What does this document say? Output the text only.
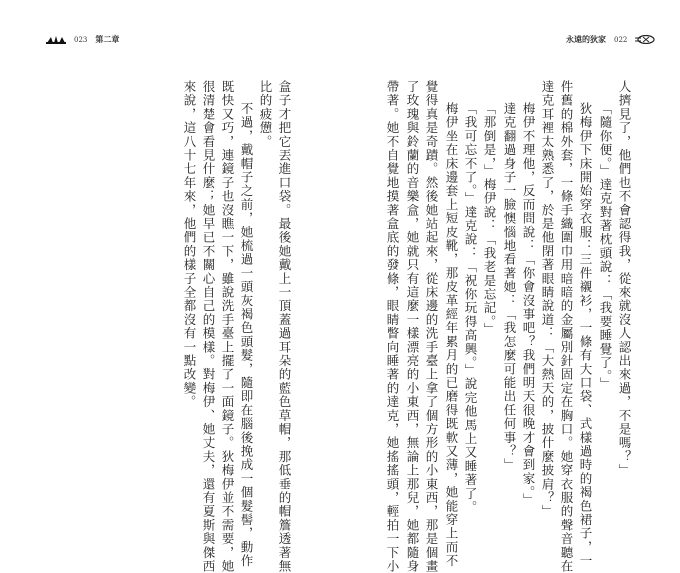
023 第二章	永遠的狄家 022
人擠見了，他們也不會認得我，從來就沒人認出來過，不是嗎？」
「隨你便。」達克對著枕頭說：「我要睡覺了。」
狄梅伊下床開始穿衣服：三件襯衫，一條有大口袋、式樣過時的褐色裙子，一
件舊的棉外套，一條手織圍巾用暗暗的金屬別針固定在胸口。她穿衣服的聲音聽在
達克耳裡太熟悉了，於是他閉著眼睛說道：「大熱天的，披什麼披肩？」
梅伊不理他，反而問說：「你會沒事吧？我們明天很晚才會到家。」
達克翻過身子一臉懊惱地看著她：「我怎麼可能出任何事？」
「那倒是，」梅伊說：「我老是忘記。」
「我可忘不了。」達克說：「祝你玩得高興。」說完他馬上又睡著了。
梅伊坐在床邊套上短皮靴，那皮革經年累月的已磨得既軟又薄，她能穿上而不
覺得真是奇蹟。然後她站起來，從床邊的洗手臺上拿了個方形的小東西，那是個畫
了玫瑰與鈴蘭的音樂盒，她就只有這麼一樣漂亮的小東西，無論上那兒，她都隨身
帶著。她不自覺地摸著盒底的發條，眼睛瞥向睡著的達克，她搖搖頭，輕拍一下小
盒子才把它丟進口袋。最後她戴上一頂蓋過耳朵的藍色草帽，那低垂的帽簷透著無
比的疲憊。
不過，戴帽子之前，她梳過一頭灰褐色頭髮，隨即在腦後挽成一個髮髻，動作
既快又巧，連鏡子也沒瞧一下，雖說洗手臺上擺了一面鏡子。狄梅伊並不需要，她
很清楚會看見什麼；她早已不關心自己的模樣。對梅伊、她丈夫，還有夏斯與傑西
來說，這八十七年來，他們的樣子全都沒有一點改變。
